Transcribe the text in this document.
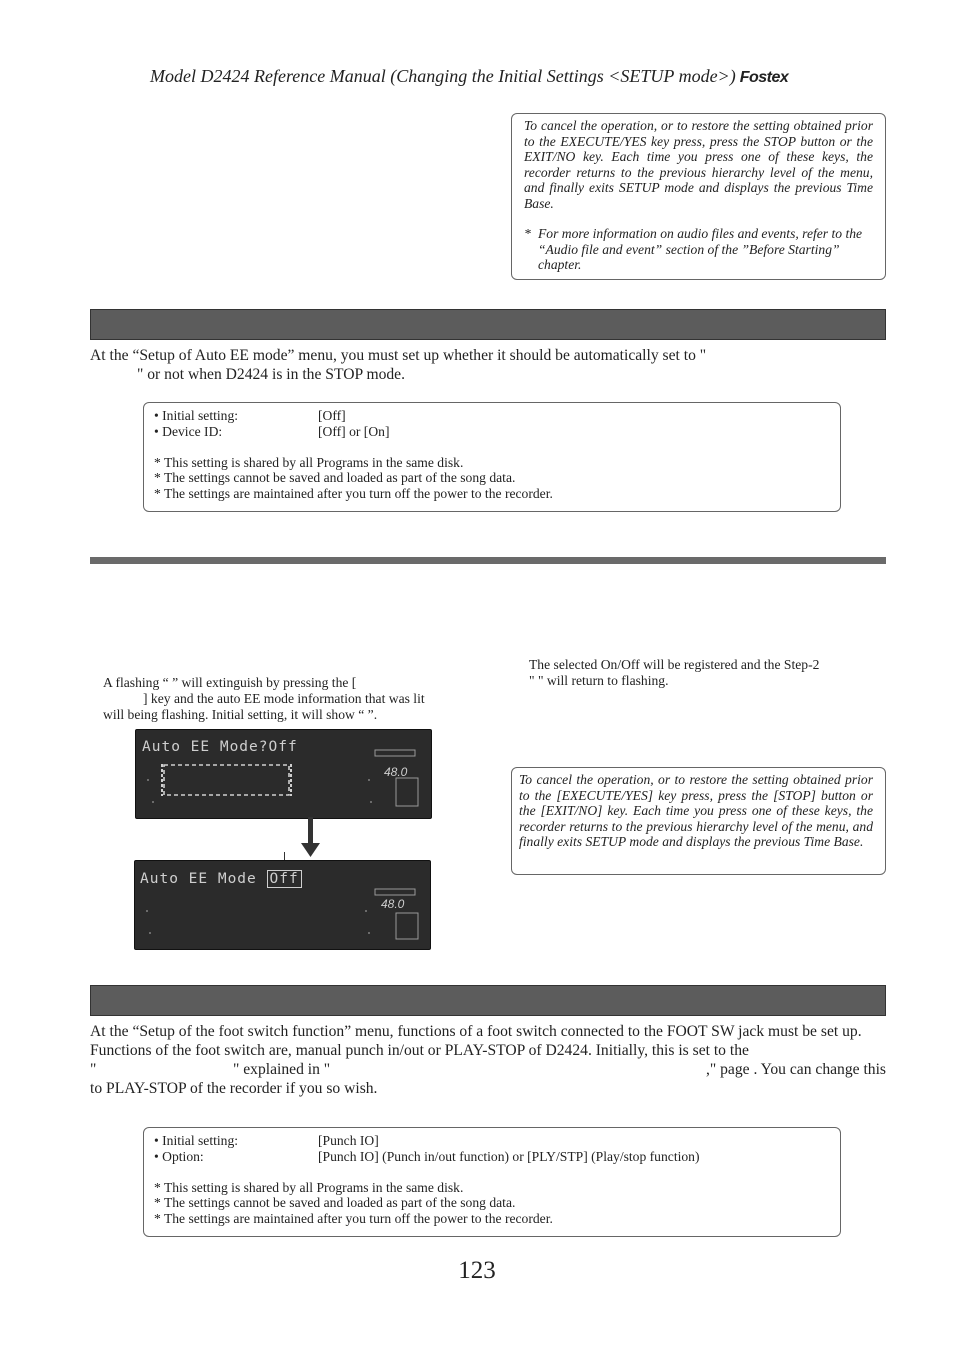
Model D2424 Reference Manual (Changing the Initial Settings <SETUP mode>) Fostex

To cancel the operation, or to restore the setting obtained prior to the EXECUTE/YES key press, press the STOP button or the EXIT/NO key. Each time you press one of these keys, the recorder returns to the previous hierarchy level of the menu, and finally exits SETUP mode and displays the previous Time Base.

* For more information on audio files and events, refer to the “Audio file and event” section of the ”Before Starting” chapter.
At the “Setup of Auto EE mode” menu, you must set up whether it should be automatically set to "
" or not when D2424 is in the STOP mode.
• Initial setting:	[Off]
• Device ID:	[Off] or [On]
* This setting is shared by all Programs in the same disk.
* The settings cannot be saved and loaded as part of the song data.
* The settings are maintained after you turn off the power to the recorder.
A flashing “ ” will extinguish by pressing the [
] key and the auto EE mode information that was lit
will being flashing. Initial setting, it will show “ ”.
The selected On/Off will be registered and the Step-2
" " will return to flashing.
Auto EE Mode?Off
48.0
Auto EE Mode Off
48.0

To cancel the operation, or to restore the setting obtained prior to the [EXECUTE/YES] key press, press the [STOP] button or the [EXIT/NO] key. Each time you press one of these keys, the recorder returns to the previous hierarchy level of the menu, and finally exits SETUP mode and displays the previous Time Base.

At the “Setup of the foot switch function” menu, functions of a foot switch connected to the FOOT SW jack must be set up.
Functions of the foot switch are, manual punch in/out or PLAY-STOP of D2424. Initially, this is set to the
"	" explained in "	," page . You can change this
to PLAY-STOP of the recorder if you so wish.
• Initial setting:	[Punch IO]
• Option:	[Punch IO] (Punch in/out function) or [PLY/STP] (Play/stop function)
* This setting is shared by all Programs in the same disk.
* The settings cannot be saved and loaded as part of the song data.
* The settings are maintained after you turn off the power to the recorder.
123
